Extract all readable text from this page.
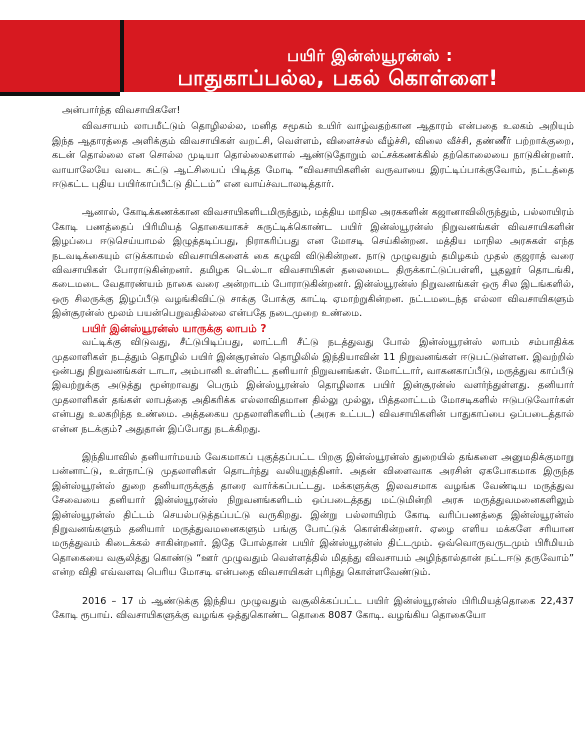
பயிர் இன்ஸ்யூரன்ஸ் :
பாதுகாப்பல்ல, பகல் கொள்ளை!

அன்பார்ந்த விவசாயிகளே!

விவசாயம் லாபமீட்டும் தொழிலல்ல, மனித சமூகம் உயிர் வாழ்வதற்கான ஆதாரம் என்பதை உலகம் அறியும் இந்த ஆதாரத்தை அளிக்கும் விவசாயிகள் வறட்சி, வெள்ளம், விளைச்சல் வீழ்ச்சி, விலை வீச்சி, தண்ணீர் பற்றாக்குறை, கடன் தொல்லை என சொல்ல முடியா தொல்லைகளால் ஆண்டுதோறும் லட்சக்கணக்கில் தற்கொலையை நாடுகின்றனர். வாயாலேயே வடை சுட்டு ஆட்சியைப் பிடித்த மோடி “விவசாயிகளின் வருவாயை இரட்டிப்பாக்குவோம், நட்டத்தை ஈடுகட்ட புதிய பயிர்காப்பீட்டு திட்டம்” என வாய்ச்வடாலடித்தார்.

ஆனால், கோடிக்கணக்கான விவசாயிகளிடமிருந்தும், மத்திய மாநில அரசுகளின் கஜானாவிலிருந்தும், பல்லாயிரம் கோடி பணத்தைப் பிரிமியத் தொகையாகச் சுருட்டிக்கொண்ட பயிர் இன்ஸ்யூரன்ஸ் நிறுவனங்கள் விவசாயிகளின் இழப்பை ஈடுசெய்யாமல் இழுத்தடிப்பது, நிராகரிப்பது என மோசடி செய்கின்றன. மத்திய மாநில அரசுகள் எந்த நடவடிக்கையும் எடுக்காமல் விவசாயிகளைக் கை கழுவி விடுகின்றன. நாடு முழுவதும் தமிழகம் முதல் குஜராத் வரை விவசாயிகள் போராடுகின்றனர். தமிழக டெல்டா விவசாயிகள் தலைமைட திருக்காட்டுப்பள்ளி, பூதலூர் தொடங்கி, கடைமடை வேதாரண்யம் நாகை வரை அன்றாடம் போராடுகின்றனர். இன்ஸ்யூரன்ஸ் நிறுவனங்கள் ஒரு சில இடங்களில், ஒரு சிலருக்கு இழப்பீடு வழங்கிவிட்டு சாக்கு போக்கு காட்டி ஏமாற்றுகின்றன. நட்டமடைந்த எல்லா விவசாயிகளும் இன்சூரன்ஸ் மூலம் பயன்பெறுவதில்லை என்பதே நடைமுறை உண்மை.

பயிர் இன்ஸ்யூரன்ஸ் யாருக்கு லாபம் ?

வட்டிக்கு விடுவது, சீட்டுபிடிப்பது, லாட்டரி சீட்டு நடத்துவது போல் இன்ஸ்யூரன்ஸ் லாபம் சம்பாதிக்க முதலாளிகள் நடத்தும் தொழில் பயிர் இன்சூரன்ஸ் தொழிலில் இந்தியாவின் 11 நிறுவனங்கள் ஈடுபட்டுள்ளன. இவற்றில் ஒன்பது நிறுவனங்கள் டாடா, அம்பானி உள்ளிட்ட தனியார் நிறுவனங்கள். மோட்டார், வாகனகாப்பீடு, மருத்துவ காப்பீடு இவற்றுக்கு அடுத்து மூன்றாவது பெரும் இன்ஸ்யூரன்ஸ் தொழிலாக பயிர் இன்சூரன்ஸ் வளர்ந்துள்ளது. தனியார் முதலாளிகள் தங்கள் லாபத்தை அதிகரிக்க எல்லாவிதமான தில்லு முல்லு, பித்தலாட்டம் மோசடிகளில் ஈடுபடுவோர்கள் என்பது உலகறிந்த உண்மை. அத்தகைய முதலாளிகளிடம் (அரசு உட்பட) விவசாயிகளின் பாதுகாப்பை ஒப்படைத்தால் என்ன நடக்கும்? அதுதான் இப்போது நடக்கிறது.

இந்தியாவில் தனியார்மயம் வேகமாகப் புகுத்தப்பட்ட பிறகு இன்ஸ்யூரன்ஸ் துறையில் தங்களை அனுமதிக்குமாறு பன்னாட்டு, உள்நாட்டு முதலாளிகள் தொடர்ந்து வலியுறுத்தினர். அதன் விளைவாக அரசின் ஏகபோகமாக இருந்த இன்ஸ்யூரன்ஸ் துறை தனியாருக்குத் தாரை வார்க்கப்பட்டது. மக்களுக்கு இலவசமாக வழங்க வேண்டிய மருத்துவ சேவையை தனியார் இன்ஸ்யூரன்ஸ் நிறுவனங்களிடம் ஒப்படைத்தது மட்டுமின்றி அரசு மருத்துவமனைகளிலும் இன்ஸ்யூரன்ஸ் திட்டம் செயல்படுத்தப்பட்டு வருகிறது. இன்று பல்லாயிரம் கோடி வரிப்பணத்தை இன்ஸ்யூரன்ஸ் நிறுவனங்களும் தனியார் மருத்துவமனைகளும் பங்கு போட்டுக் கொள்கின்றனர். ஏழை எளிய மக்களே சரியான மருத்துவம் கிடைக்கல் சாகின்றனர். இதே போல்தான் பயிர் இன்ஸ்யூரன்ஸ் திட்டமும். ஒவ்வொருவருடமும் பிரீமியம் தொகையை வசூலித்து கொண்டு “ஊர் முழுவதும் வெள்ளத்தில் மிதந்து விவசாயம் அழிந்தால்தான் நட்டஈடு தருவோம்” என்ற விதி எவ்வளவு பெரிய மோசடி என்பதை விவசாயிகள் புரிந்து கொள்ளவேண்டும்.

2016 – 17 ம் ஆண்டுக்கு இந்திய முழுவதும் வசூலிக்கப்பட்ட பயிர் இன்ஸ்யூரன்ஸ் பிரிமியத்தொகை 22,437 கோடி ரூபாய். விவசாயிகளுக்கு வழங்க ஒத்துகொண்ட தொகை 8087 கோடி. வழங்கிய தொகையோ
